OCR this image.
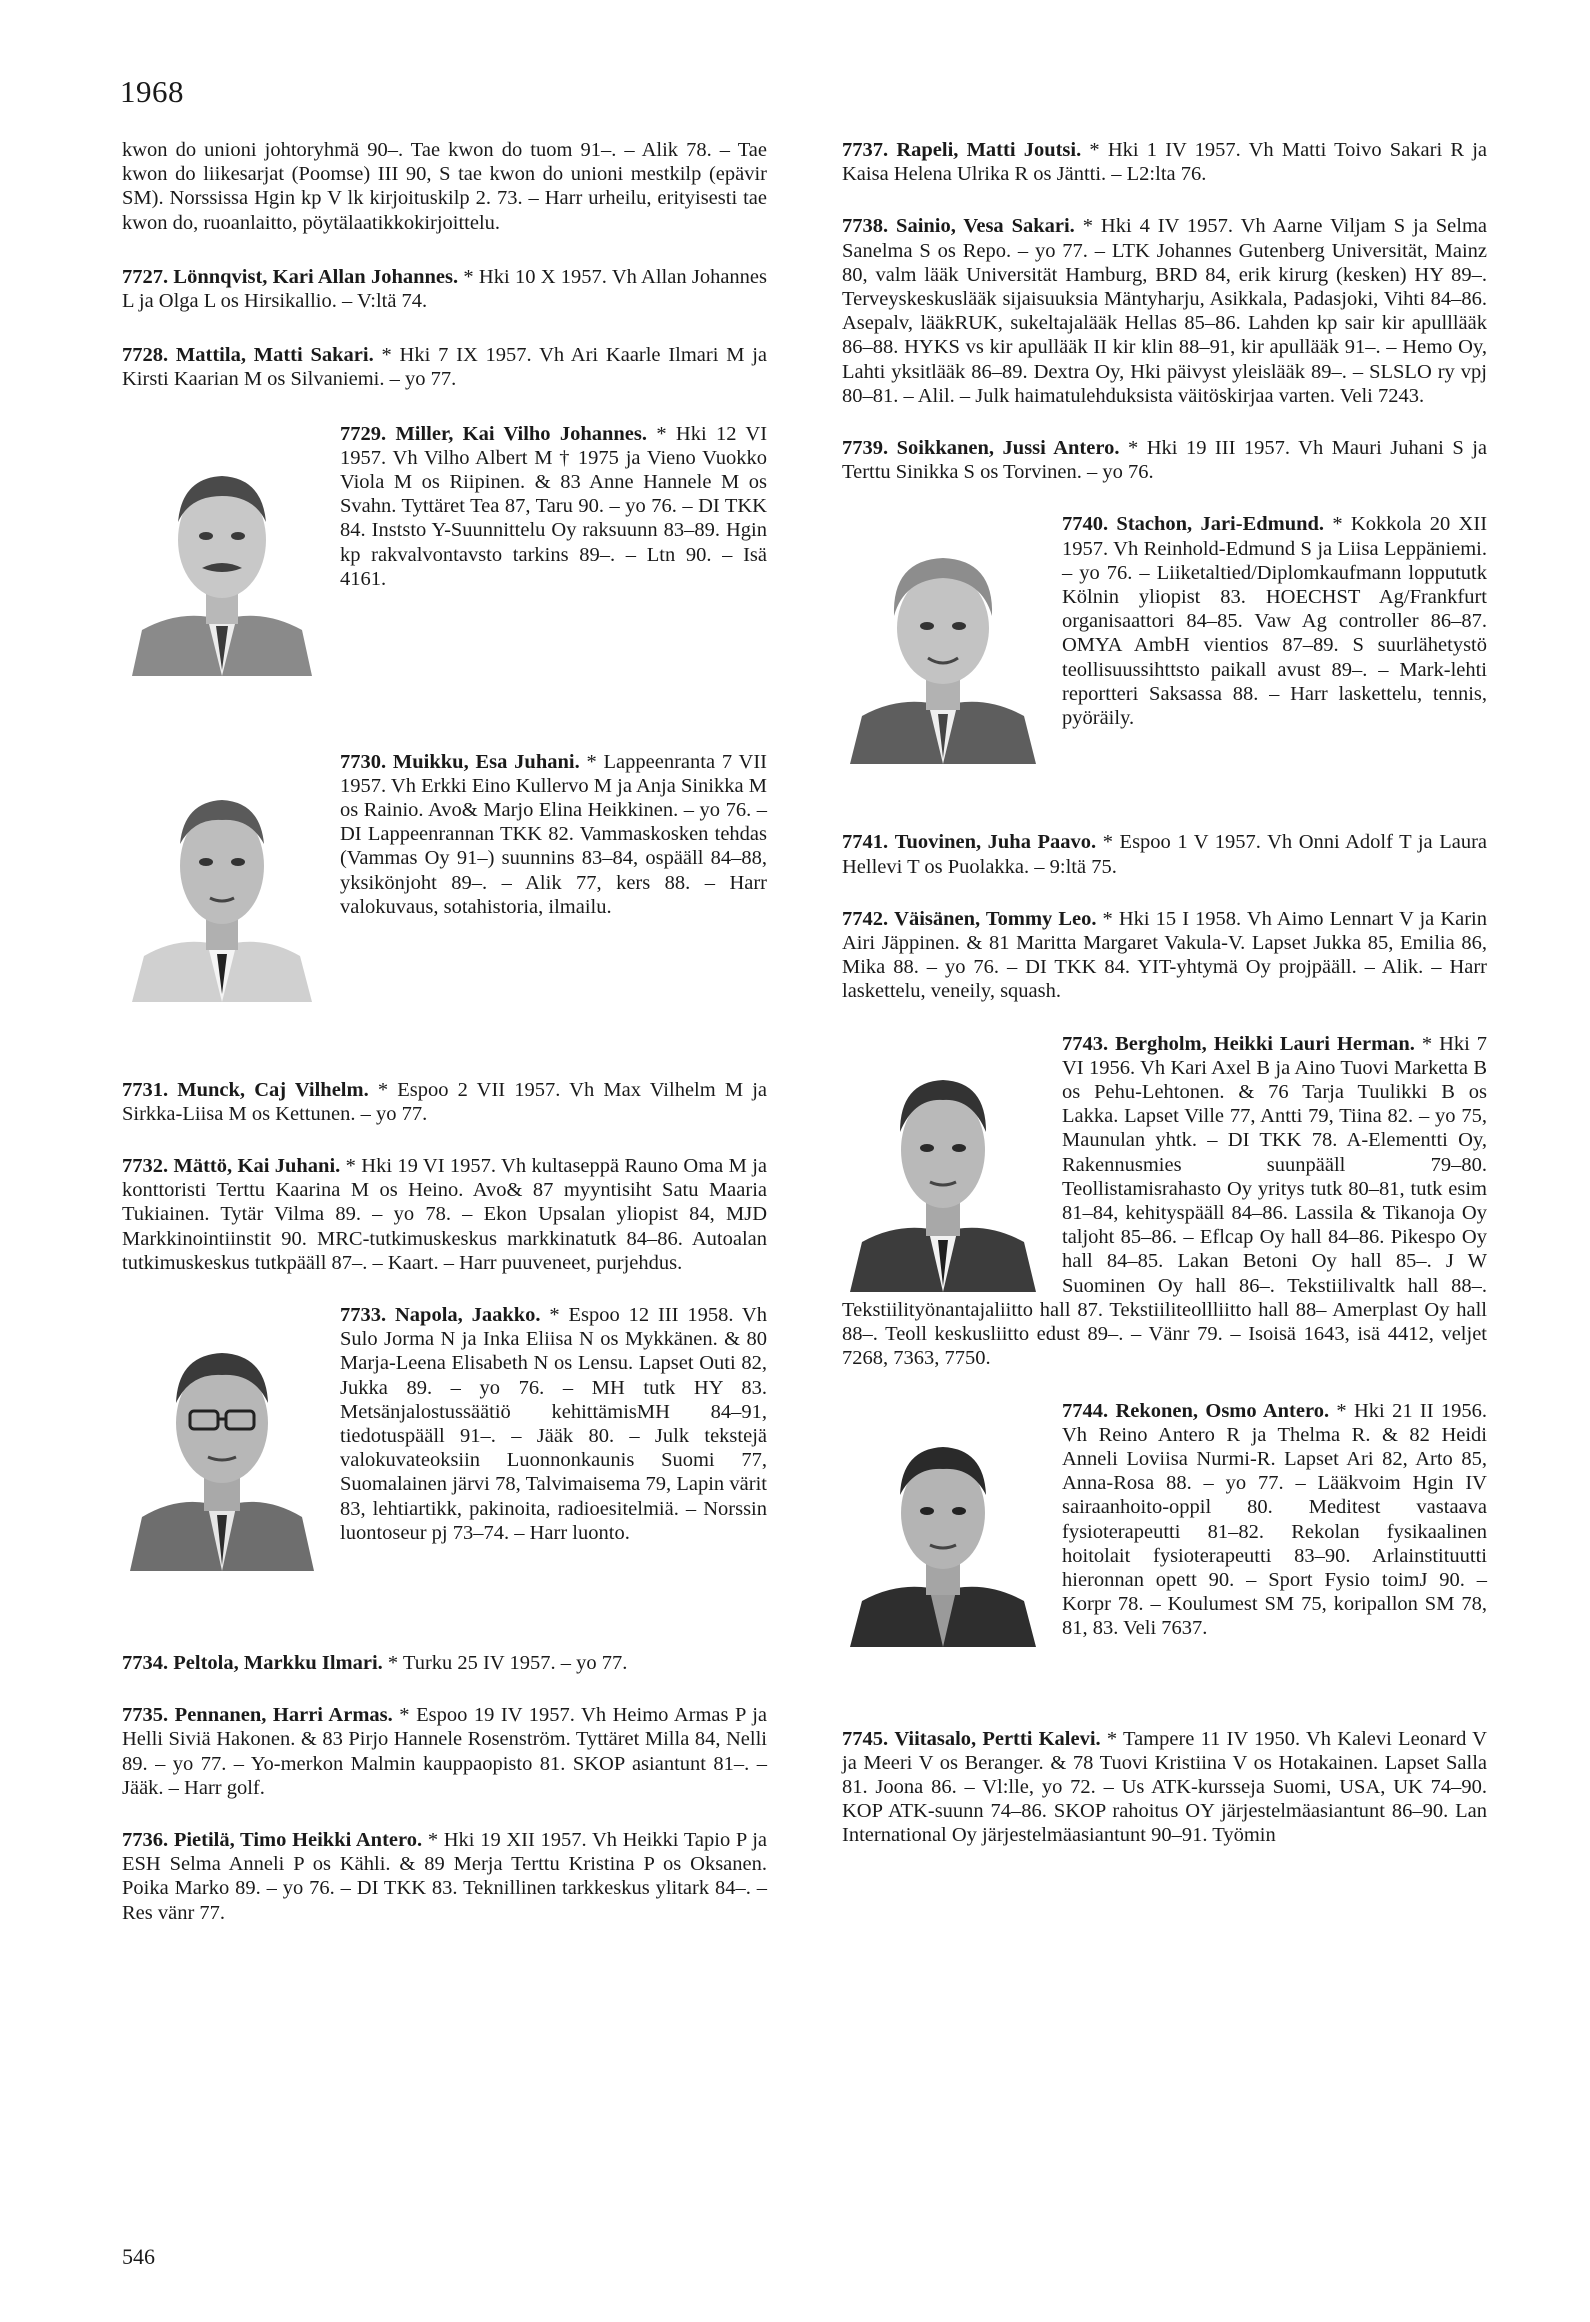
1968

kwon do unioni johtoryhmä 90–. Tae kwon do tuom 91–. – Alik 78. – Tae kwon do liikesarjat (Poomse) III 90, S tae kwon do unioni mestkilp (epävir SM). Norssissa Hgin kp V lk kirjoituskilp 2. 73. – Harr urheilu, erityisesti tae kwon do, ruoanlaitto, pöytälaatikkokirjoittelu.

7727. Lönnqvist, Kari Allan Johannes. * Hki 10 X 1957. Vh Allan Johannes L ja Olga L os Hirsikallio. – V:ltä 74.

7728. Mattila, Matti Sakari. * Hki 7 IX 1957. Vh Ari Kaarle Ilmari M ja Kirsti Kaarian M os Silvaniemi. – yo 77.

7729. Miller, Kai Vilho Johannes. * Hki 12 VI 1957. Vh Vilho Albert M † 1975 ja Vieno Vuokko Viola M os Riipinen. & 83 Anne Hannele M os Svahn. Tyttäret Tea 87, Taru 90. – yo 76. – DI TKK 84. Inststo Y-Suunnittelu Oy raksuunn 83–89. Hgin kp rakvalvontavsto tarkins 89–. – Ltn 90. – Isä 4161.

7730. Muikku, Esa Juhani. * Lappeenranta 7 VII 1957. Vh Erkki Eino Kullervo M ja Anja Sinikka M os Rainio. Avo& Marjo Elina Heikkinen. – yo 76. – DI Lappeenrannan TKK 82. Vammaskosken tehdas (Vammas Oy 91–) suunnins 83–84, ospääll 84–88, yksikönjoht 89–. – Alik 77, kers 88. – Harr valokuvaus, sotahistoria, ilmailu.

7731. Munck, Caj Vilhelm. * Espoo 2 VII 1957. Vh Max Vilhelm M ja Sirkka-Liisa M os Kettunen. – yo 77.

7732. Mättö, Kai Juhani. * Hki 19 VI 1957. Vh kultaseppä Rauno Oma M ja konttoristi Terttu Kaarina M os Heino. Avo& 87 myyntisiht Satu Maaria Tukiainen. Tytär Vilma 89. – yo 78. – Ekon Upsalan yliopist 84, MJD Markkinointiinstit 90. MRC-tutkimuskeskus markkinatutk 84–86. Autoalan tutkimuskeskus tutkpääll 87–. – Kaart. – Harr puuveneet, purjehdus.

7733. Napola, Jaakko. * Espoo 12 III 1958. Vh Sulo Jorma N ja Inka Eliisa N os Mykkänen. & 80 Marja-Leena Elisabeth N os Lensu. Lapset Outi 82, Jukka 89. – yo 76. – MH tutk HY 83. Metsänjalostussäätiö kehittämisMH 84–91, tiedotuspääll 91–. – Jääk 80. – Julk tekstejä valokuvateoksiin Luonnonkaunis Suomi 77, Suomalainen järvi 78, Talvimaisema 79, Lapin värit 83, lehtiartikk, pakinoita, radioesitelmiä. – Norssin luontoseur pj 73–74. – Harr luonto.

7734. Peltola, Markku Ilmari. * Turku 25 IV 1957. – yo 77.

7735. Pennanen, Harri Armas. * Espoo 19 IV 1957. Vh Heimo Armas P ja Helli Siviä Hakonen. & 83 Pirjo Hannele Rosenström. Tyttäret Milla 84, Nelli 89. – yo 77. – Yo-merkon Malmin kauppaopisto 81. SKOP asiantunt 81–. – Jääk. – Harr golf.

7736. Pietilä, Timo Heikki Antero. * Hki 19 XII 1957. Vh Heikki Tapio P ja ESH Selma Anneli P os Kähli. & 89 Merja Terttu Kristina P os Oksanen. Poika Marko 89. – yo 76. – DI TKK 83. Teknillinen tarkkeskus ylitark 84–. – Res vänr 77.

7737. Rapeli, Matti Joutsi. * Hki 1 IV 1957. Vh Matti Toivo Sakari R ja Kaisa Helena Ulrika R os Jäntti. – L2:lta 76.

7738. Sainio, Vesa Sakari. * Hki 4 IV 1957. Vh Aarne Viljam S ja Selma Sanelma S os Repo. – yo 77. – LTK Johannes Gutenberg Universität, Mainz 80, valm lääk Universität Hamburg, BRD 84, erik kirurg (kesken) HY 89–. Terveyskeskuslääk sijaisuuksia Mäntyharju, Asikkala, Padasjoki, Vihti 84–86. Asepalv, lääkRUK, sukeltajalääk Hellas 85–86. Lahden kp sair kir apulllääk 86–88. HYKS vs kir apullääk II kir klin 88–91, kir apullääk 91–. – Hemo Oy, Lahti yksitlääk 86–89. Dextra Oy, Hki päivyst yleislääk 89–. – SLSLO ry vpj 80–81. – Alil. – Julk haimatulehduksista väitöskirjaa varten. Veli 7243.

7739. Soikkanen, Jussi Antero. * Hki 19 III 1957. Vh Mauri Juhani S ja Terttu Sinikka S os Torvinen. – yo 76.

7740. Stachon, Jari-Edmund. * Kokkola 20 XII 1957. Vh Reinhold-Edmund S ja Liisa Leppäniemi. – yo 76. – Liiketaltied/Diplomkaufmann loppututk Kölnin yliopist 83. HOECHST Ag/Frankfurt organisaattori 84–85. Vaw Ag controller 86–87. OMYA AmbH vientios 87–89. S suurlähetystö teollisuussihttsto paikall avust 89–. – Mark-lehti reportteri Saksassa 88. – Harr laskettelu, tennis, pyöräily.

7741. Tuovinen, Juha Paavo. * Espoo 1 V 1957. Vh Onni Adolf T ja Laura Hellevi T os Puolakka. – 9:ltä 75.

7742. Väisänen, Tommy Leo. * Hki 15 I 1958. Vh Aimo Lennart V ja Karin Airi Jäppinen. & 81 Maritta Margaret Vakula-V. Lapset Jukka 85, Emilia 86, Mika 88. – yo 76. – DI TKK 84. YIT-yhtymä Oy projpääll. – Alik. – Harr laskettelu, veneily, squash.

7743. Bergholm, Heikki Lauri Herman. * Hki 7 VI 1956. Vh Kari Axel B ja Aino Tuovi Marketta B os Pehu-Lehtonen. & 76 Tarja Tuulikki B os Lakka. Lapset Ville 77, Antti 79, Tiina 82. – yo 75, Maunulan yhtk. – DI TKK 78. A-Elementti Oy, Rakennusmies suunpääll 79–80. Teollistamisrahasto Oy yritys tutk 80–81, tutk esim 81–84, kehityspääll 84–86. Lassila & Tikanoja Oy taljoht 85–86. – Eflcap Oy hall 84–86. Pikespo Oy hall 84–85. Lakan Betoni Oy hall 85–. J W Suominen Oy hall 86–. Tekstiilivaltk hall 88–. Tekstiilityönantajaliitto hall 87. Tekstiiliteollliitto hall 88– Amerplast Oy hall 88–. Teoll keskusliitto edust 89–. – Vänr 79. – Isoisä 1643, isä 4412, veljet 7268, 7363, 7750.

7744. Rekonen, Osmo Antero. * Hki 21 II 1956. Vh Reino Antero R ja Thelma R. & 82 Heidi Anneli Loviisa Nurmi-R. Lapset Ari 82, Arto 85, Anna-Rosa 88. – yo 77. – Lääkvoim Hgin IV sairaanhoito-oppil 80. Meditest vastaava fysioterapeutti 81–82. Rekolan fysikaalinen hoitolait fysioterapeutti 83–90. Arlainstituutti hieronnan opett 90. – Sport Fysio toimJ 90. – Korpr 78. – Koulumest SM 75, koripallon SM 78, 81, 83. Veli 7637.

7745. Viitasalo, Pertti Kalevi. * Tampere 11 IV 1950. Vh Kalevi Leonard V ja Meeri V os Beranger. & 78 Tuovi Kristiina V os Hotakainen. Lapset Salla 81. Joona 86. – Vl:lle, yo 72. – Us ATK-kursseja Suomi, USA, UK 74–90. KOP ATK-suunn 74–86. SKOP rahoitus OY järjestelmäasiantunt 86–90. Lan International Oy järjestelmäasiantunt 90–91. Työmin

546
